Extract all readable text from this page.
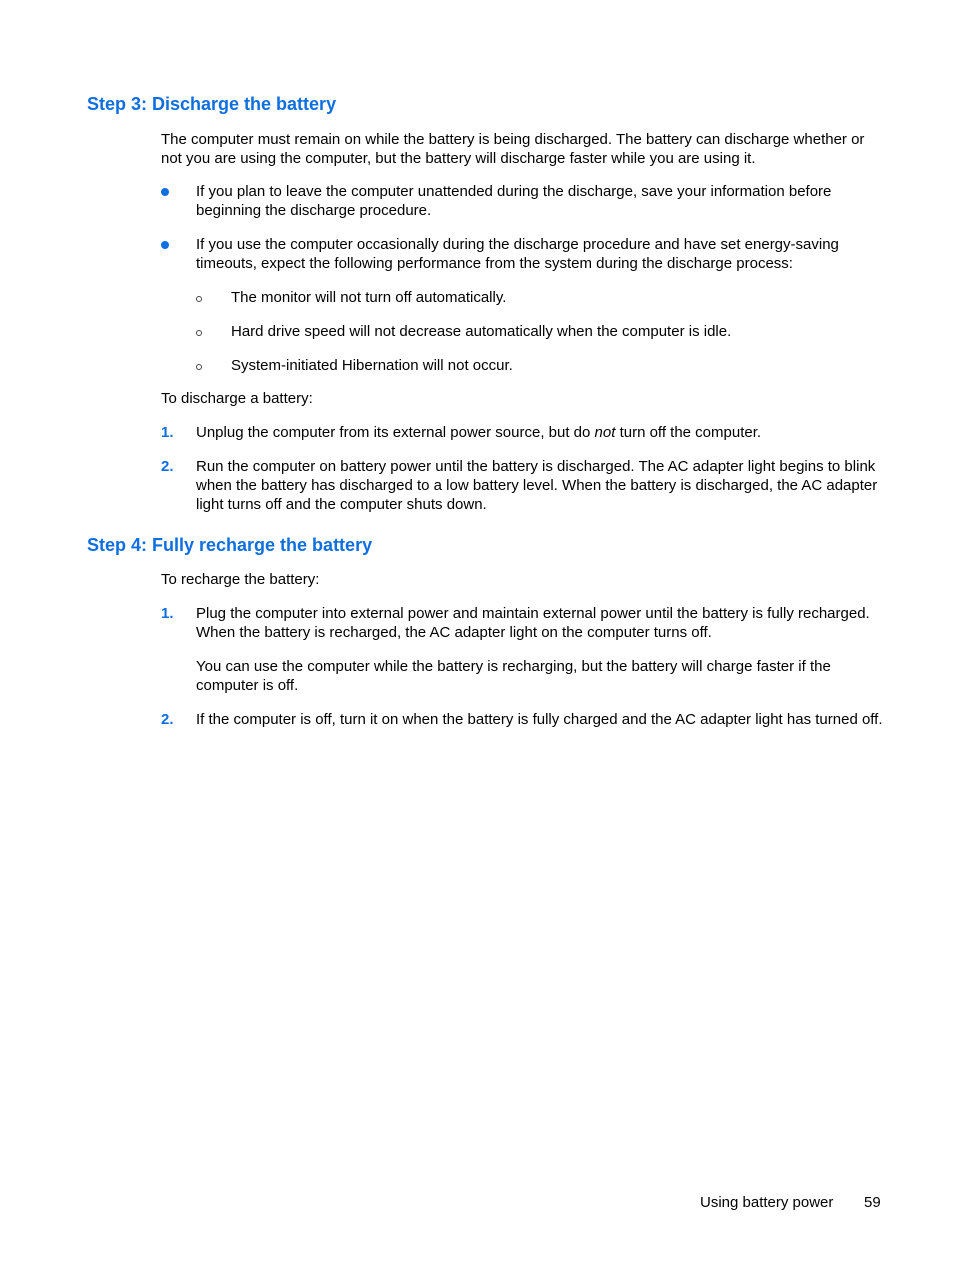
Step 3: Discharge the battery

The computer must remain on while the battery is being discharged. The battery can discharge whether or not you are using the computer, but the battery will discharge faster while you are using it.

If you plan to leave the computer unattended during the discharge, save your information before beginning the discharge procedure.

If you use the computer occasionally during the discharge procedure and have set energy-saving timeouts, expect the following performance from the system during the discharge process:

The monitor will not turn off automatically.

Hard drive speed will not decrease automatically when the computer is idle.

System-initiated Hibernation will not occur.

To discharge a battery:

1. Unplug the computer from its external power source, but do not turn off the computer.

2. Run the computer on battery power until the battery is discharged. The AC adapter light begins to blink when the battery has discharged to a low battery level. When the battery is discharged, the AC adapter light turns off and the computer shuts down.

Step 4: Fully recharge the battery

To recharge the battery:

1. Plug the computer into external power and maintain external power until the battery is fully recharged. When the battery is recharged, the AC adapter light on the computer turns off.

You can use the computer while the battery is recharging, but the battery will charge faster if the computer is off.

2. If the computer is off, turn it on when the battery is fully charged and the AC adapter light has turned off.

Using battery power 59
